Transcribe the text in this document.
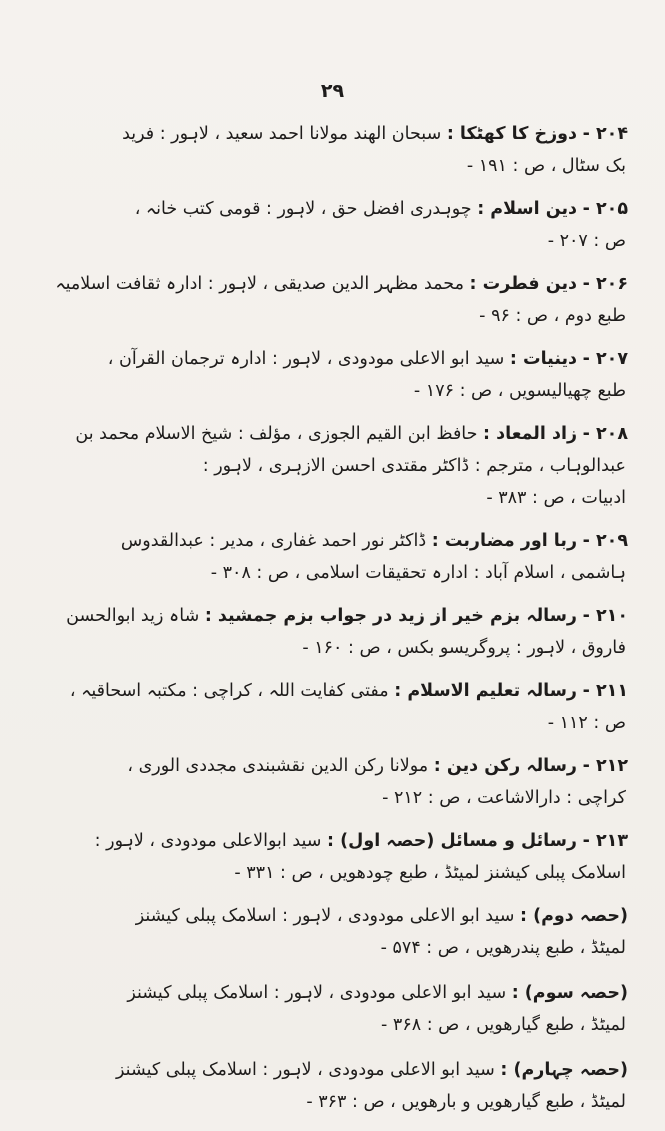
۲۹
۲۰۴ - دوزخ کا کھٹکا : سبحان الهند مولانا احمد سعید ، لاہور : فرید
بک سٹال ، ص : ۱۹۱ -
۲۰۵ - دین اسلام : چوہدری افضل حق ، لاہور : قومی کتب خانہ ،
ص : ۲۰۷ -
۲۰۶ - دین فطرت : محمد مظہر الدین صدیقی ، لاہور : ادارہ ثقافت اسلامیہ
طبع دوم ، ص : ۹۶ -
۲۰۷ - دینیات : سید ابو الاعلی مودودی ، لاہور : ادارہ ترجمان القرآن ،
طبع چھیالیسویں ، ص : ۱۷۶ -
۲۰۸ - زاد المعاد : حافظ ابن القیم الجوزی ، مؤلف : شیخ الاسلام محمد بن
عبدالوہاب ، مترجم : ڈاکٹر مقتدی احسن الازہری ، لاہور :
ادبیات ، ص : ۳۸۳ -
۲۰۹ - ربا اور مضاربت : ڈاکٹر نور احمد غفاری ، مدیر : عبدالقدوس
ہاشمی ، اسلام آباد : ادارہ تحقیقات اسلامی ، ص : ۳۰۸ -
۲۱۰ - رسالہ بزم خیر از زید در جواب بزم جمشید : شاہ زید ابوالحسن
فاروق ، لاہور : پروگریسو بکس ، ص : ۱۶۰ -
۲۱۱ - رسالہ تعلیم الاسلام : مفتی کفایت اللہ ، کراچی : مکتبہ اسحاقیہ ،
ص : ۱۱۲ -
۲۱۲ - رسالہ رکن دین : مولانا رکن الدین نقشبندی مجددی الوری ،
کراچی : دارالاشاعت ، ص : ۲۱۲ -
۲۱۳ - رسائل و مسائل (حصہ اول) : سید ابوالاعلی مودودی ، لاہور :
اسلامک پبلی کیشنز لمیٹڈ ، طبع چودھویں ، ص : ۳۳۱ -
(حصہ دوم) : سید ابو الاعلی مودودی ، لاہور : اسلامک پبلی کیشنز
لمیٹڈ ، طبع پندرھویں ، ص : ۵۷۴ -
(حصہ سوم) : سید ابو الاعلی مودودی ، لاہور : اسلامک پبلی کیشنز
لمیٹڈ ، طبع گیارھویں ، ص : ۳۶۸ -
(حصہ چہارم) : سید ابو الاعلی مودودی ، لاہور : اسلامک پبلی کیشنز
لمیٹڈ ، طبع گیارھویں و بارھویں ، ص : ۳۶۳ -
